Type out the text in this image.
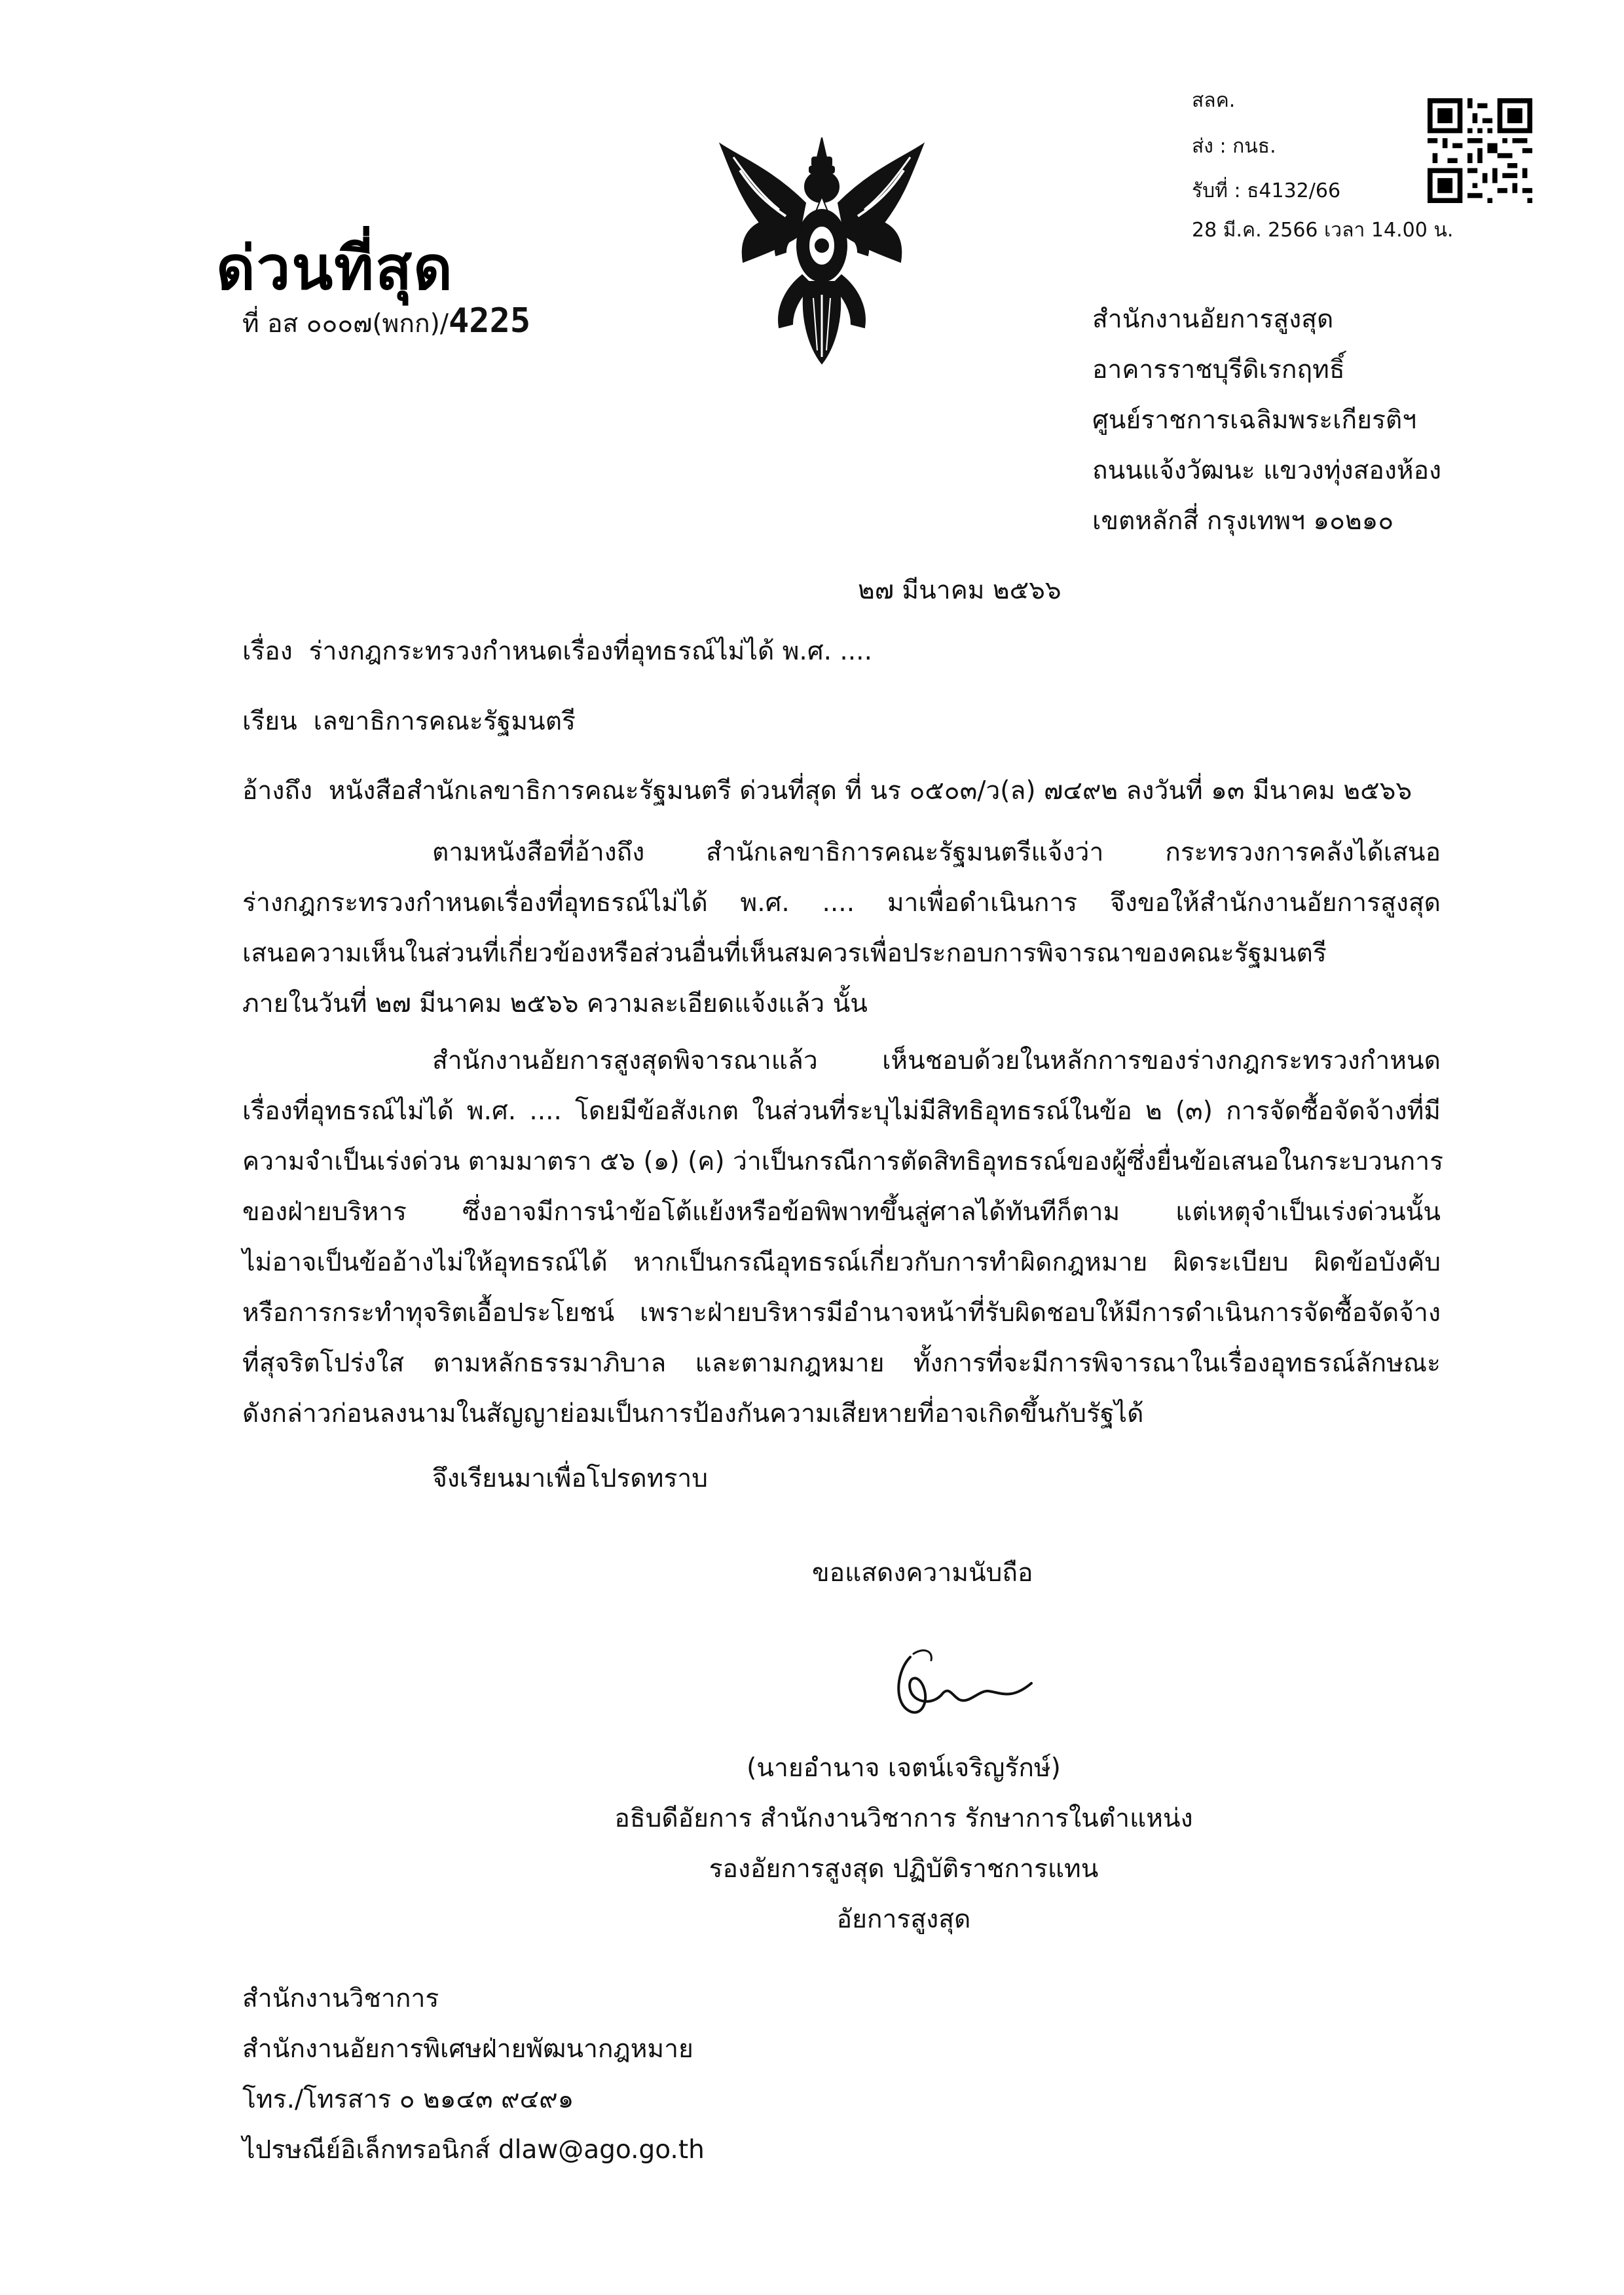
สลค.
ส่ง : กนธ.
รับที่ : ธ4132/66
28 มี.ค. 2566 เวลา 14.00 น.
ด่วนที่สุด
ที่ อส ๐๐๐๗(พกก)/4225	สำนักงานอัยการสูงสุด
อาคารราชบุรีดิเรกฤทธิ์
ศูนย์ราชการเฉลิมพระเกียรติฯ
ถนนแจ้งวัฒนะ แขวงทุ่งสองห้อง
เขตหลักสี่ กรุงเทพฯ ๑๐๒๑๐
๒๗ มีนาคม ๒๕๖๖
เรื่อง ร่างกฎกระทรวงกำหนดเรื่องที่อุทธรณ์ไม่ได้ พ.ศ. ....
เรียน เลขาธิการคณะรัฐมนตรี
อ้างถึง หนังสือสำนักเลขาธิการคณะรัฐมนตรี ด่วนที่สุด ที่ นร ๐๕๐๓/ว(ล) ๗๔๙๒ ลงวันที่ ๑๓ มีนาคม ๒๕๖๖
ตามหนังสือที่อ้างถึง สำนักเลขาธิการคณะรัฐมนตรีแจ้งว่า กระทรวงการคลังได้เสนอ
ร่างกฎกระทรวงกำหนดเรื่องที่อุทธรณ์ไม่ได้ พ.ศ. .... มาเพื่อดำเนินการ จึงขอให้สำนักงานอัยการสูงสุด
เสนอความเห็นในส่วนที่เกี่ยวข้องหรือส่วนอื่นที่เห็นสมควรเพื่อประกอบการพิจารณาของคณะรัฐมนตรี
ภายในวันที่ ๒๗ มีนาคม ๒๕๖๖ ความละเอียดแจ้งแล้ว นั้น
สำนักงานอัยการสูงสุดพิจารณาแล้ว เห็นชอบด้วยในหลักการของร่างกฎกระทรวงกำหนด
เรื่องที่อุทธรณ์ไม่ได้ พ.ศ. .... โดยมีข้อสังเกต ในส่วนที่ระบุไม่มีสิทธิอุทธรณ์ในข้อ ๒ (๓) การจัดซื้อจัดจ้างที่มี
ความจำเป็นเร่งด่วน ตามมาตรา ๕๖ (๑) (ค) ว่าเป็นกรณีการตัดสิทธิอุทธรณ์ของผู้ซึ่งยื่นข้อเสนอในกระบวนการ
ของฝ่ายบริหาร ซึ่งอาจมีการนำข้อโต้แย้งหรือข้อพิพาทขึ้นสู่ศาลได้ทันทีก็ตาม แต่เหตุจำเป็นเร่งด่วนนั้น
ไม่อาจเป็นข้ออ้างไม่ให้อุทธรณ์ได้ หากเป็นกรณีอุทธรณ์เกี่ยวกับการทำผิดกฎหมาย ผิดระเบียบ ผิดข้อบังคับ
หรือการกระทำทุจริตเอื้อประโยชน์ เพราะฝ่ายบริหารมีอำนาจหน้าที่รับผิดชอบให้มีการดำเนินการจัดซื้อจัดจ้าง
ที่สุจริตโปร่งใส ตามหลักธรรมาภิบาล และตามกฎหมาย ทั้งการที่จะมีการพิจารณาในเรื่องอุทธรณ์ลักษณะ
ดังกล่าวก่อนลงนามในสัญญาย่อมเป็นการป้องกันความเสียหายที่อาจเกิดขึ้นกับรัฐได้
จึงเรียนมาเพื่อโปรดทราบ
ขอแสดงความนับถือ
(นายอำนาจ เจตน์เจริญรักษ์)
อธิบดีอัยการ สำนักงานวิชาการ รักษาการในตำแหน่ง
รองอัยการสูงสุด ปฏิบัติราชการแทน
อัยการสูงสุด
สำนักงานวิชาการ
สำนักงานอัยการพิเศษฝ่ายพัฒนากฎหมาย
โทร./โทรสาร ๐ ๒๑๔๓ ๙๔๙๑
ไปรษณีย์อิเล็กทรอนิกส์ dlaw@ago.go.th
